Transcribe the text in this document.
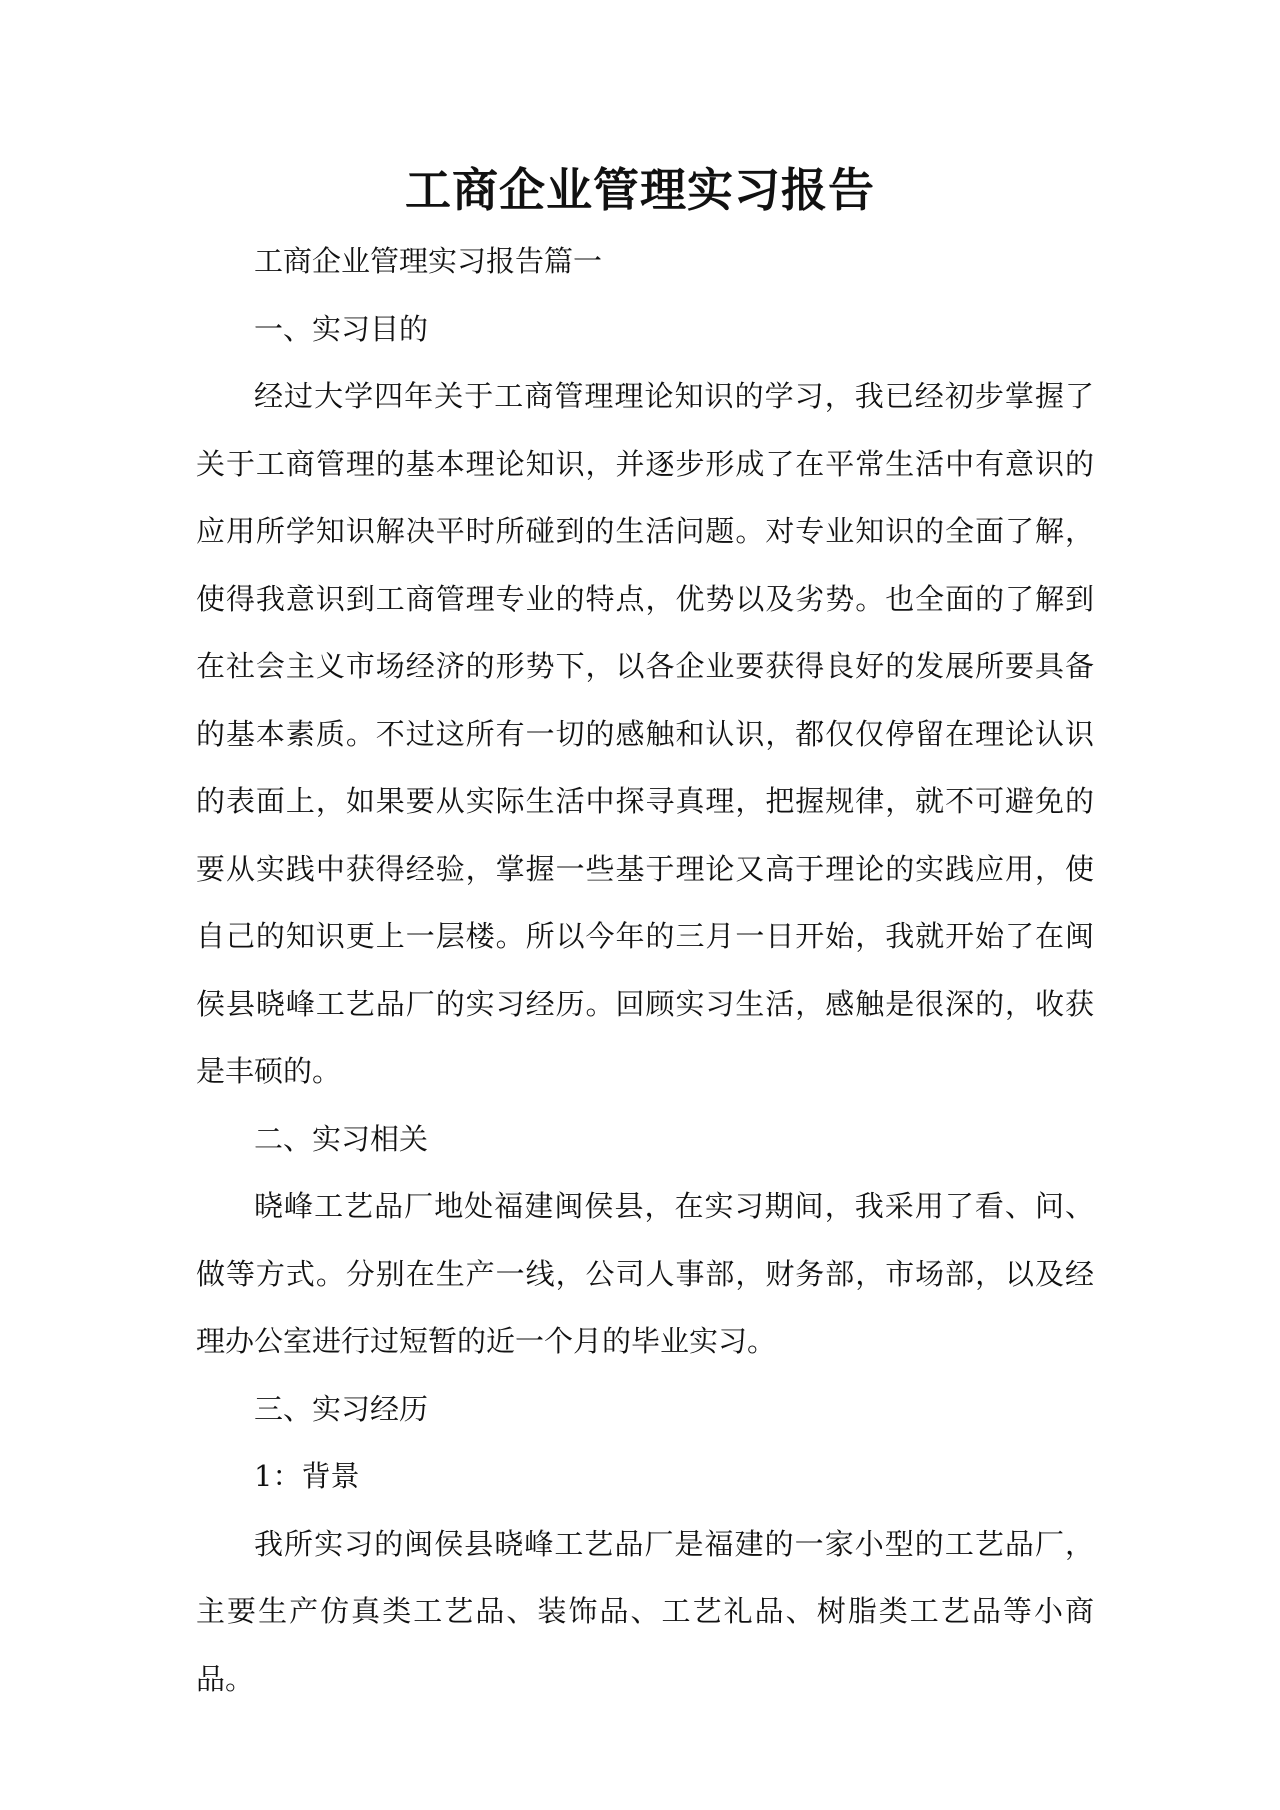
工商企业管理实习报告

工商企业管理实习报告篇一

一、实习目的

经过大学四年关于工商管理理论知识的学习，我已经初步掌握了关于工商管理的基本理论知识，并逐步形成了在平常生活中有意识的应用所学知识解决平时所碰到的生活问题。对专业知识的全面了解，使得我意识到工商管理专业的特点，优势以及劣势。也全面的了解到在社会主义市场经济的形势下，以各企业要获得良好的发展所要具备的基本素质。不过这所有一切的感触和认识，都仅仅停留在理论认识的表面上，如果要从实际生活中探寻真理，把握规律，就不可避免的要从实践中获得经验，掌握一些基于理论又高于理论的实践应用，使自己的知识更上一层楼。所以今年的三月一日开始，我就开始了在闽侯县晓峰工艺品厂的实习经历。回顾实习生活，感触是很深的，收获是丰硕的。

二、实习相关

晓峰工艺品厂地处福建闽侯县，在实习期间，我采用了看、问、做等方式。分别在生产一线，公司人事部，财务部，市场部，以及经理办公室进行过短暂的近一个月的毕业实习。

三、实习经历

1：背景

我所实习的闽侯县晓峰工艺品厂是福建的一家小型的工艺品厂，主要生产仿真类工艺品、装饰品、工艺礼品、树脂类工艺品等小商品。
